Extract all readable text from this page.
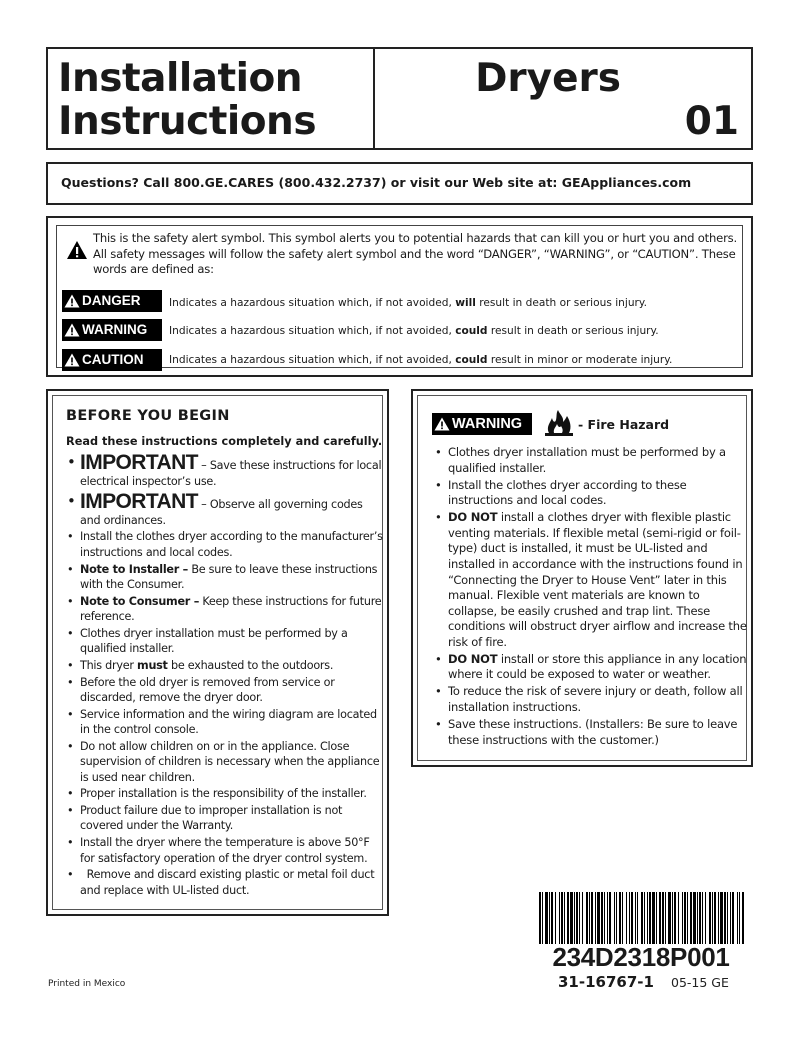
Installation
Instructions
Dryers
01
Questions? Call 800.GE.CARES (800.432.2737) or visit our Web site at: GEAppliances.com
This is the safety alert symbol. This symbol alerts you to potential hazards that can kill you or hurt you and others. All safety messages will follow the safety alert symbol and the word “DANGER”, “WARNING”, or “CAUTION”. These words are defined as:
DANGER	Indicates a hazardous situation which, if not avoided, will result in death or serious injury.
WARNING	Indicates a hazardous situation which, if not avoided, could result in death or serious injury.
CAUTION	Indicates a hazardous situation which, if not avoided, could result in minor or moderate injury.
BEFORE YOU BEGIN
Read these instructions completely and carefully.
• IMPORTANT – Save these instructions for local electrical inspector’s use.
• IMPORTANT – Observe all governing codes and ordinances.
• Install the clothes dryer according to the manufacturer’s instructions and local codes.
• Note to Installer – Be sure to leave these instructions with the Consumer.
• Note to Consumer – Keep these instructions for future reference.
• Clothes dryer installation must be performed by a qualified installer.
• This dryer must be exhausted to the outdoors.
• Before the old dryer is removed from service or discarded, remove the dryer door.
• Service information and the wiring diagram are located in the control console.
• Do not allow children on or in the appliance. Close supervision of children is necessary when the appliance is used near children.
• Proper installation is the responsibility of the installer.
• Product failure due to improper installation is not covered under the Warranty.
• Install the dryer where the temperature is above 50°F for satisfactory operation of the dryer control system.
•   Remove and discard existing plastic or metal foil duct and replace with UL-listed duct.
WARNING	- Fire Hazard
• Clothes dryer installation must be performed by a qualified installer.
• Install the clothes dryer according to these instructions and local codes.
• DO NOT install a clothes dryer with flexible plastic venting materials. If flexible metal (semi-rigid or foil-type) duct is installed, it must be UL-listed and installed in accordance with the instructions found in “Connecting the Dryer to House Vent” later in this manual. Flexible vent materials are known to collapse, be easily crushed and trap lint. These conditions will obstruct dryer airflow and increase the risk of fire.
• DO NOT install or store this appliance in any location where it could be exposed to water or weather.
• To reduce the risk of severe injury or death, follow all installation instructions.
• Save these instructions. (Installers: Be sure to leave these instructions with the customer.)
234D2318P001
31-16767-1 05-15 GE
Printed in Mexico
